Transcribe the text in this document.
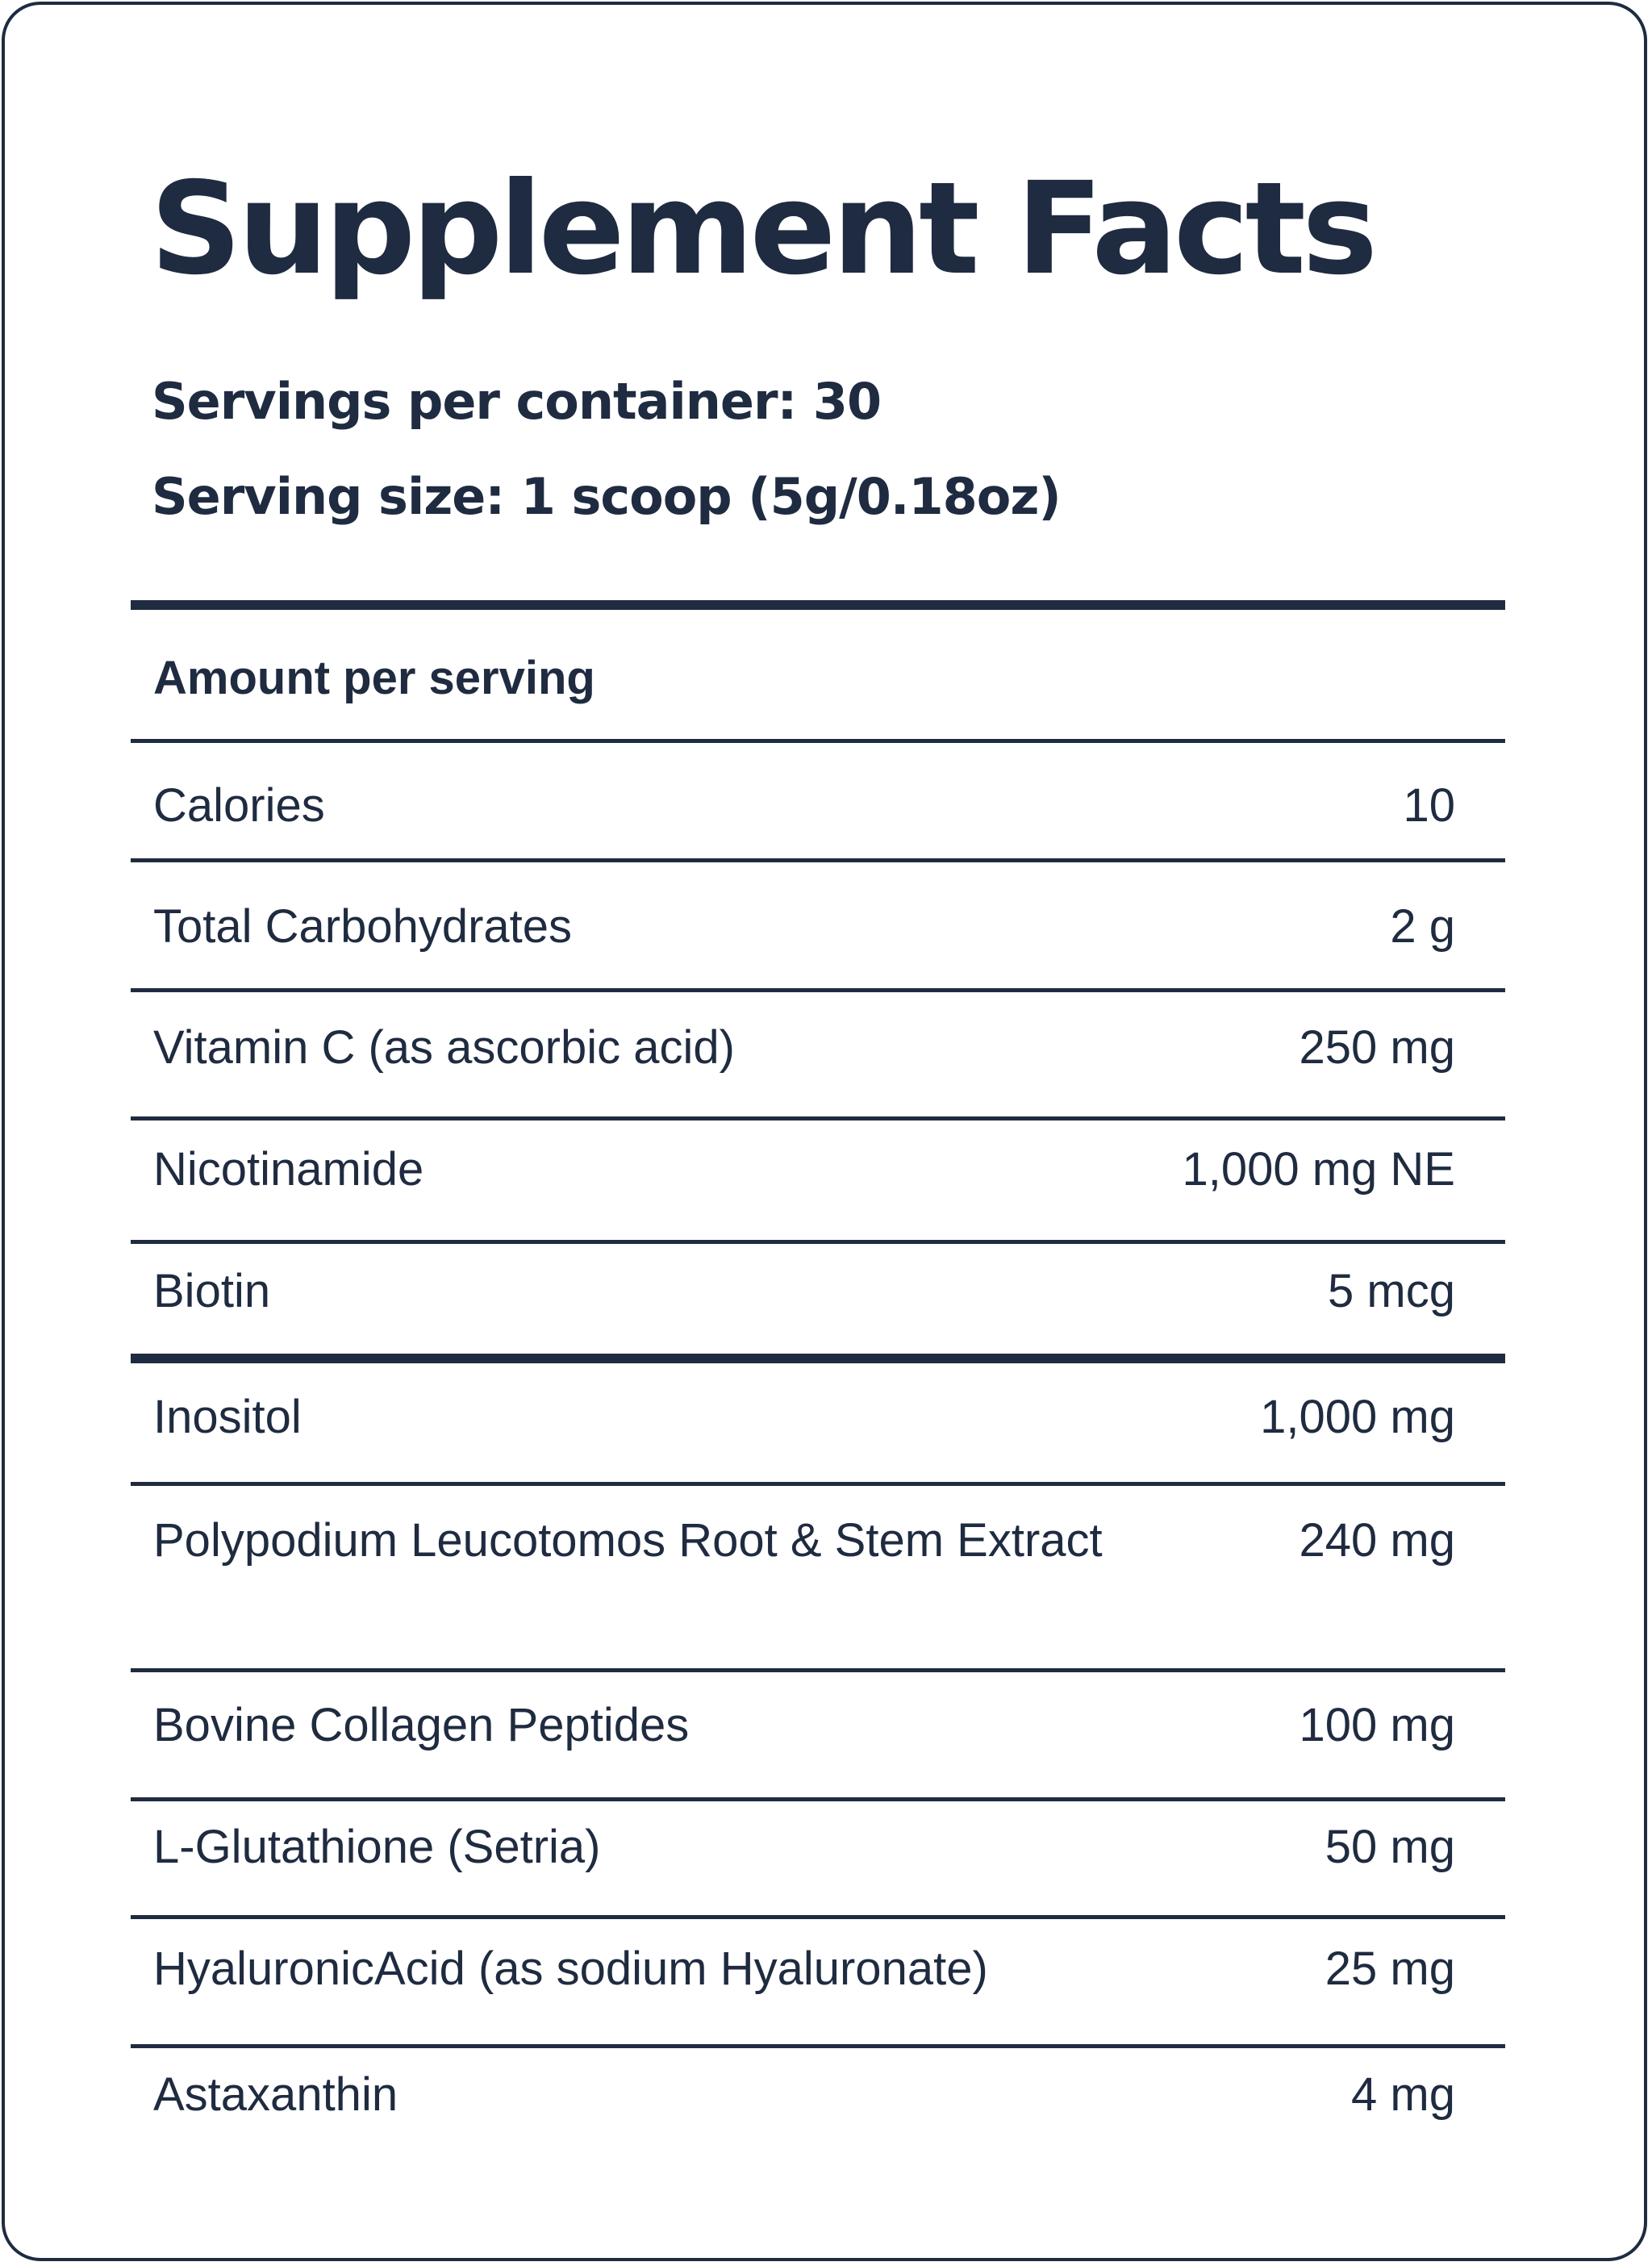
Supplement Facts

Servings per container: 30

Serving size: 1 scoop (5g/0.18oz)

Amount per serving

Calories	10
Total Carbohydrates	2 g
Vitamin C (as ascorbic acid)	250 mg
Nicotinamide	1,000 mg NE
Biotin	5 mcg
Inositol	1,000 mg
Polypodium Leucotomos Root & Stem Extract	240 mg
Bovine Collagen Peptides	100 mg
L-Glutathione (Setria)	50 mg
HyaluronicAcid (as sodium Hyaluronate)	25 mg
Astaxanthin	4 mg
